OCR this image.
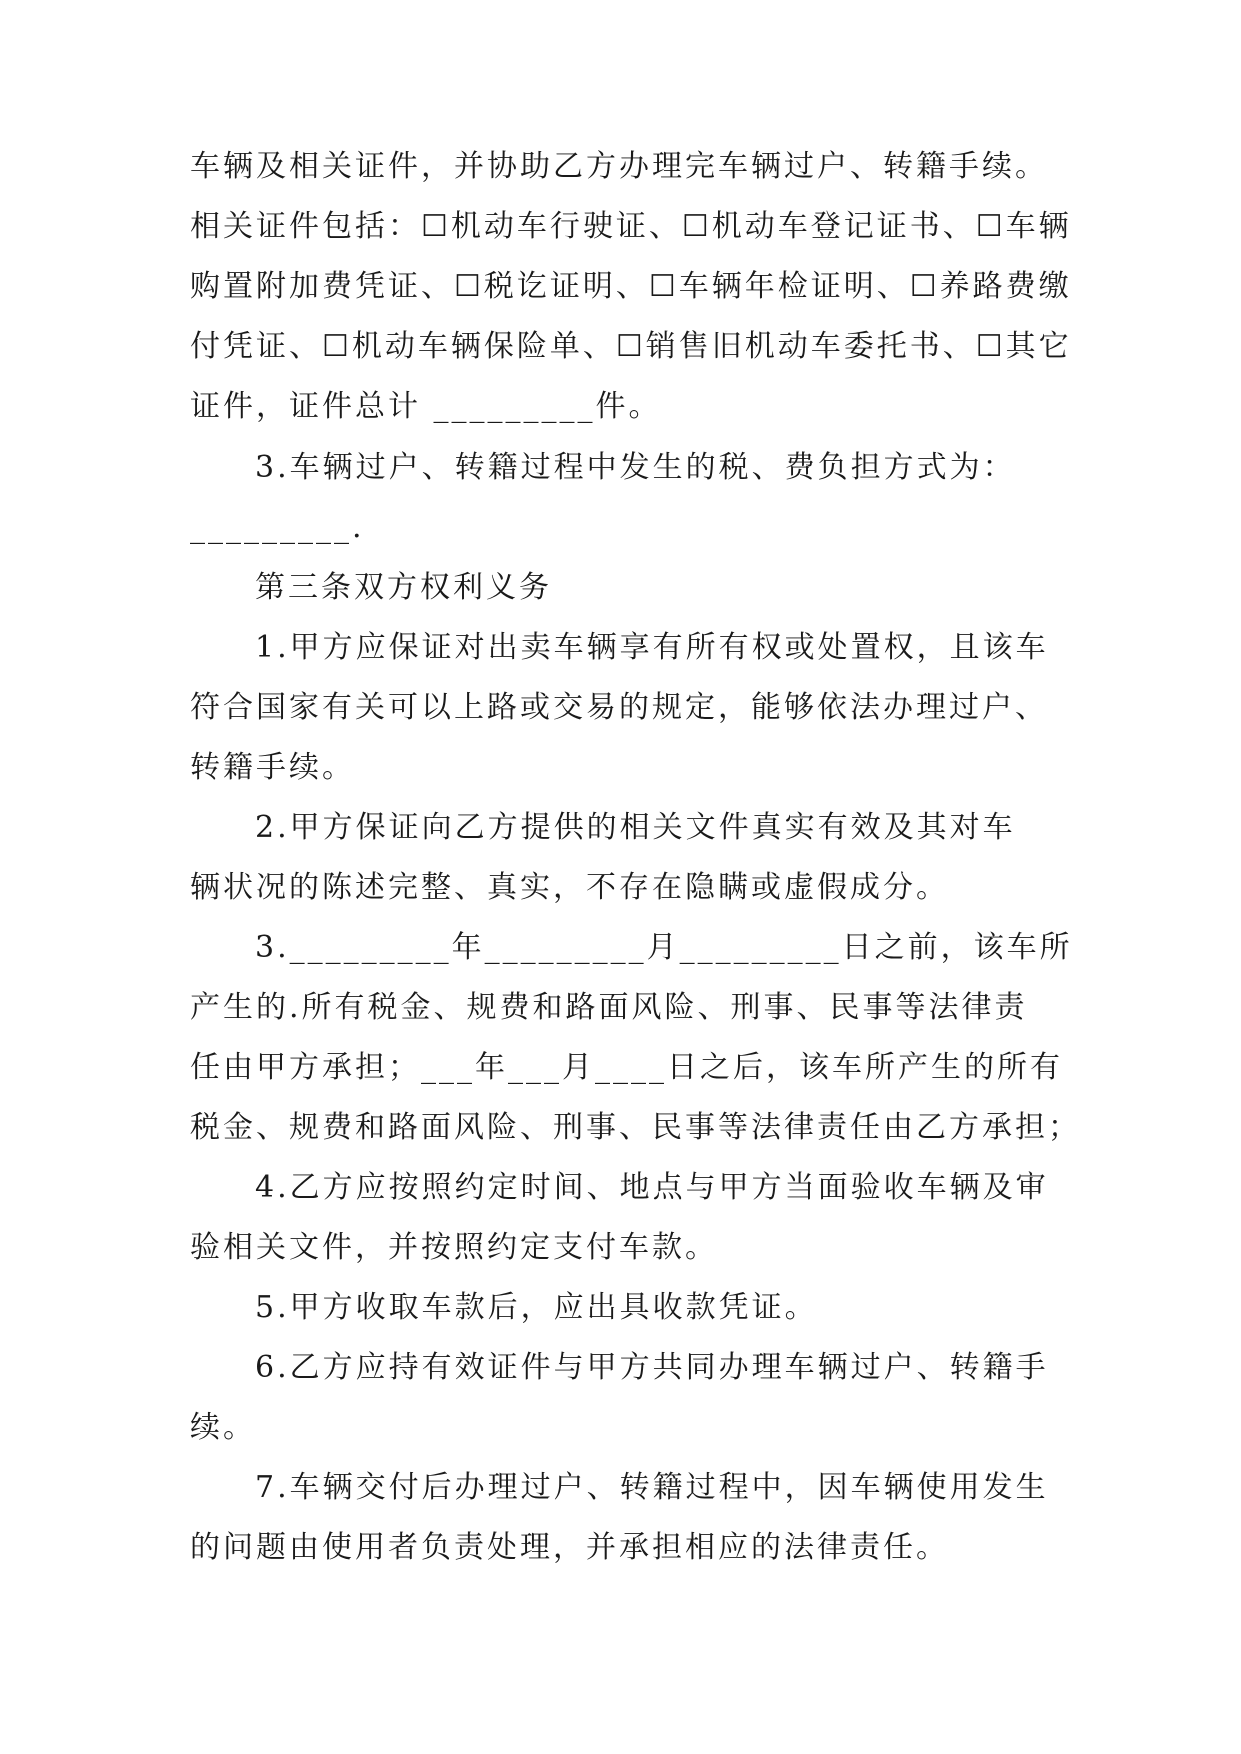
车辆及相关证件，并协助乙方办理完车辆过户、转籍手续。
相关证件包括：☐机动车行驶证、☐机动车登记证书、☐车辆
购置附加费凭证、☐税讫证明、☐车辆年检证明、☐养路费缴
付凭证、☐机动车辆保险单、☐销售旧机动车委托书、☐其它
证件，证件总计 _________件。
3.车辆过户、转籍过程中发生的税、费负担方式为：
_________.
第三条双方权利义务
1.甲方应保证对出卖车辆享有所有权或处置权，且该车
符合国家有关可以上路或交易的规定，能够依法办理过户、
转籍手续。
2.甲方保证向乙方提供的相关文件真实有效及其对车
辆状况的陈述完整、真实，不存在隐瞒或虚假成分。
3._________年_________月_________日之前，该车所
产生的.所有税金、规费和路面风险、刑事、民事等法律责
任由甲方承担；___年___月____日之后，该车所产生的所有
税金、规费和路面风险、刑事、民事等法律责任由乙方承担；
4.乙方应按照约定时间、地点与甲方当面验收车辆及审
验相关文件，并按照约定支付车款。
5.甲方收取车款后，应出具收款凭证。
6.乙方应持有效证件与甲方共同办理车辆过户、转籍手
续。
7.车辆交付后办理过户、转籍过程中，因车辆使用发生
的问题由使用者负责处理，并承担相应的法律责任。
